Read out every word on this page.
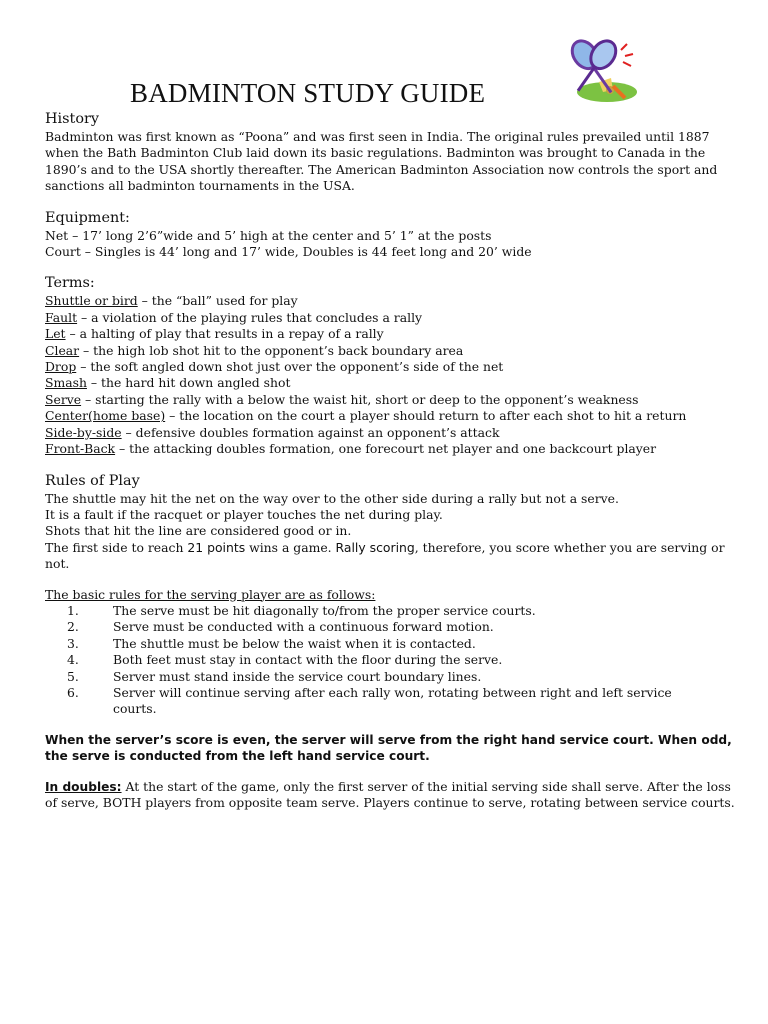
BADMINTON STUDY GUIDE

History

Badminton was first known as “Poona” and was first seen in India. The original rules prevailed until 1887 when the Bath Badminton Club laid down its basic regulations. Badminton was brought to Canada in the 1890’s and to the USA shortly thereafter. The American Badminton Association now controls the sport and sanctions all badminton tournaments in the USA.

Equipment:

Net – 17’ long 2’6”wide and 5’ high at the center and 5’ 1” at the posts

Court – Singles is 44’ long and 17’ wide, Doubles is 44 feet long and 20’ wide

Terms:

Shuttle or bird – the “ball” used for play

Fault – a violation of the playing rules that concludes a rally

Let – a halting of play that results in a repay of a rally

Clear – the high lob shot hit to the opponent’s back boundary area

Drop – the soft angled down shot just over the opponent’s side of the net

Smash – the hard hit down angled shot

Serve – starting the rally with a below the waist hit, short or deep to the opponent’s weakness

Center(home base) – the location on the court a player should return to after each shot to hit a return

Side-by-side – defensive doubles formation against an opponent’s attack

Front-Back – the attacking doubles formation, one forecourt net player and one backcourt player

Rules of Play

The shuttle may hit the net on the way over to the other side during a rally but not a serve.

It is a fault if the racquet or player touches the net during play.

Shots that hit the line are considered good or in.

The first side to reach 21 points wins a game. Rally scoring, therefore, you score whether you are serving or not.

The basic rules for the serving player are as follows:

1.	The serve must be hit diagonally to/from the proper service courts.
2.	Serve must be conducted with a continuous forward motion.
3.	The shuttle must be below the waist when it is contacted.
4.	Both feet must stay in contact with the floor during the serve.
5.	Server must stand inside the service court boundary lines.
6.	Server will continue serving after each rally won, rotating between right and left service courts.

When the server’s score is even, the server will serve from the right hand service court. When odd, the serve is conducted from the left hand service court.

In doubles: At the start of the game, only the first server of the initial serving side shall serve. After the loss of serve, BOTH players from opposite team serve. Players continue to serve, rotating between service courts.
